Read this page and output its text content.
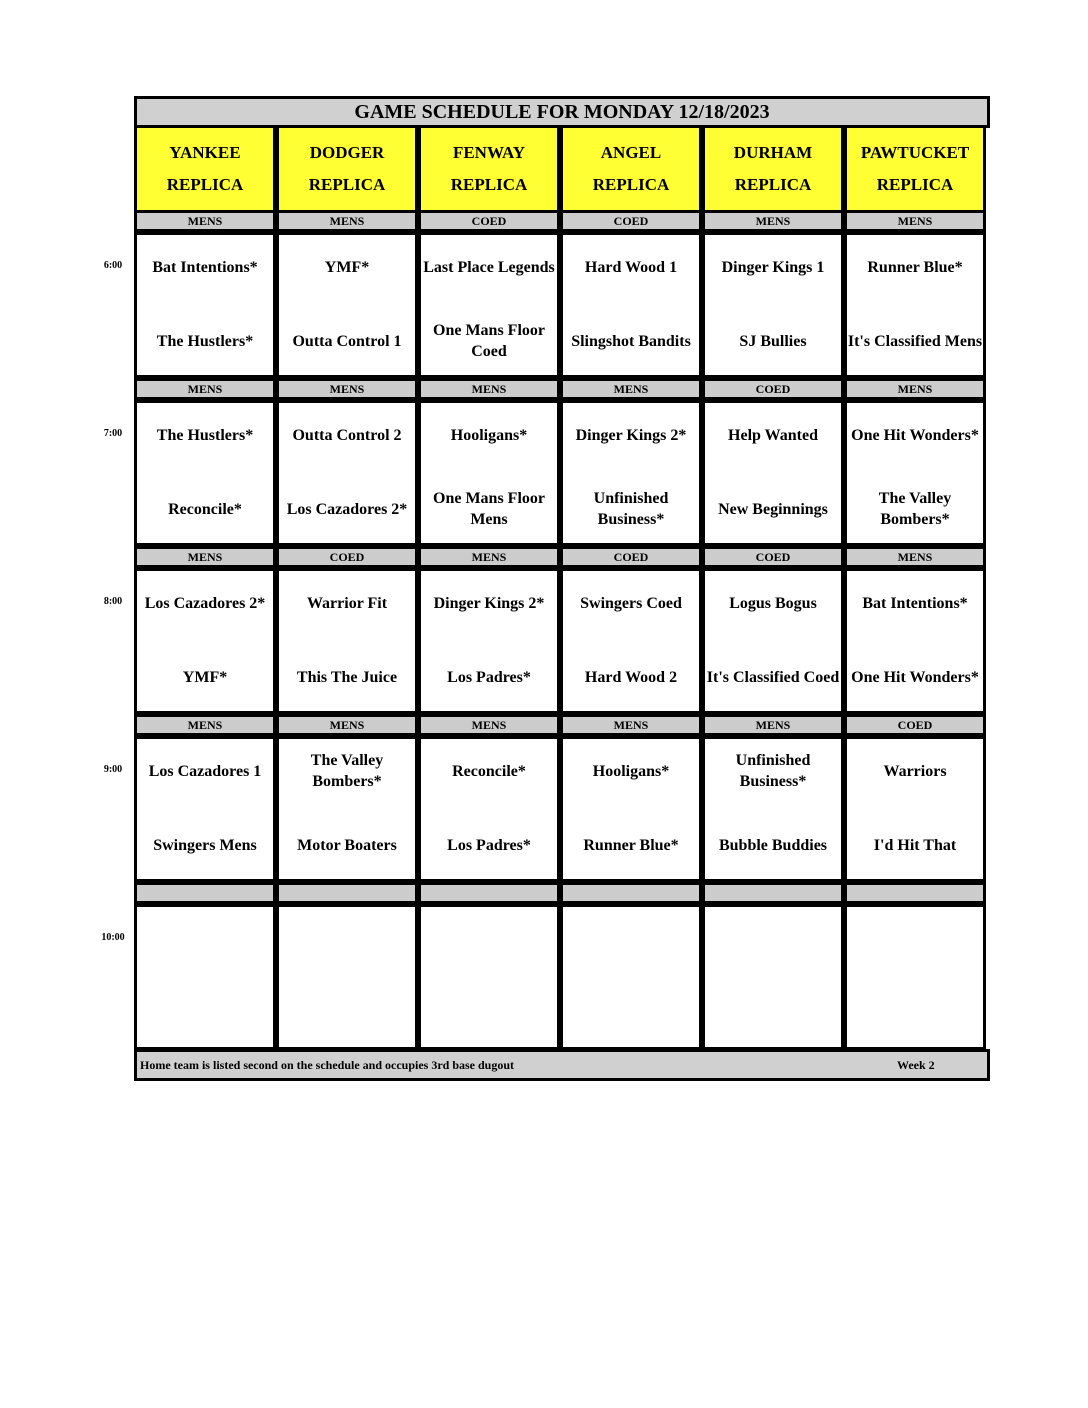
GAME SCHEDULE FOR MONDAY 12/18/2023
YANKEE
REPLICA
DODGER
REPLICA
FENWAY
REPLICA
ANGEL
REPLICA
DURHAM
REPLICA
PAWTUCKET
REPLICA
6:00
MENS
Bat Intentions*
The Hustlers*
MENS
YMF*
Outta Control 1
COED
Last Place Legends
One Mans Floor Coed
COED
Hard Wood 1
Slingshot Bandits
MENS
Dinger Kings 1
SJ Bullies
MENS
Runner Blue*
It's Classified Mens
7:00
MENS
The Hustlers*
Reconcile*
MENS
Outta Control 2
Los Cazadores 2*
MENS
Hooligans*
One Mans Floor Mens
MENS
Dinger Kings 2*
Unfinished Business*
COED
Help Wanted
New Beginnings
MENS
One Hit Wonders*
The Valley Bombers*
8:00
MENS
Los Cazadores 2*
YMF*
COED
Warrior Fit
This The Juice
MENS
Dinger Kings 2*
Los Padres*
COED
Swingers Coed
Hard Wood 2
COED
Logus Bogus
It's Classified Coed
MENS
Bat Intentions*
One Hit Wonders*
9:00
MENS
Los Cazadores 1
Swingers Mens
MENS
The Valley Bombers*
Motor Boaters
MENS
Reconcile*
Los Padres*
MENS
Hooligans*
Runner Blue*
MENS
Unfinished Business*
Bubble Buddies
COED
Warriors
I'd Hit That
10:00
Home team is listed second on the schedule and occupies 3rd base dugout	Week 2
